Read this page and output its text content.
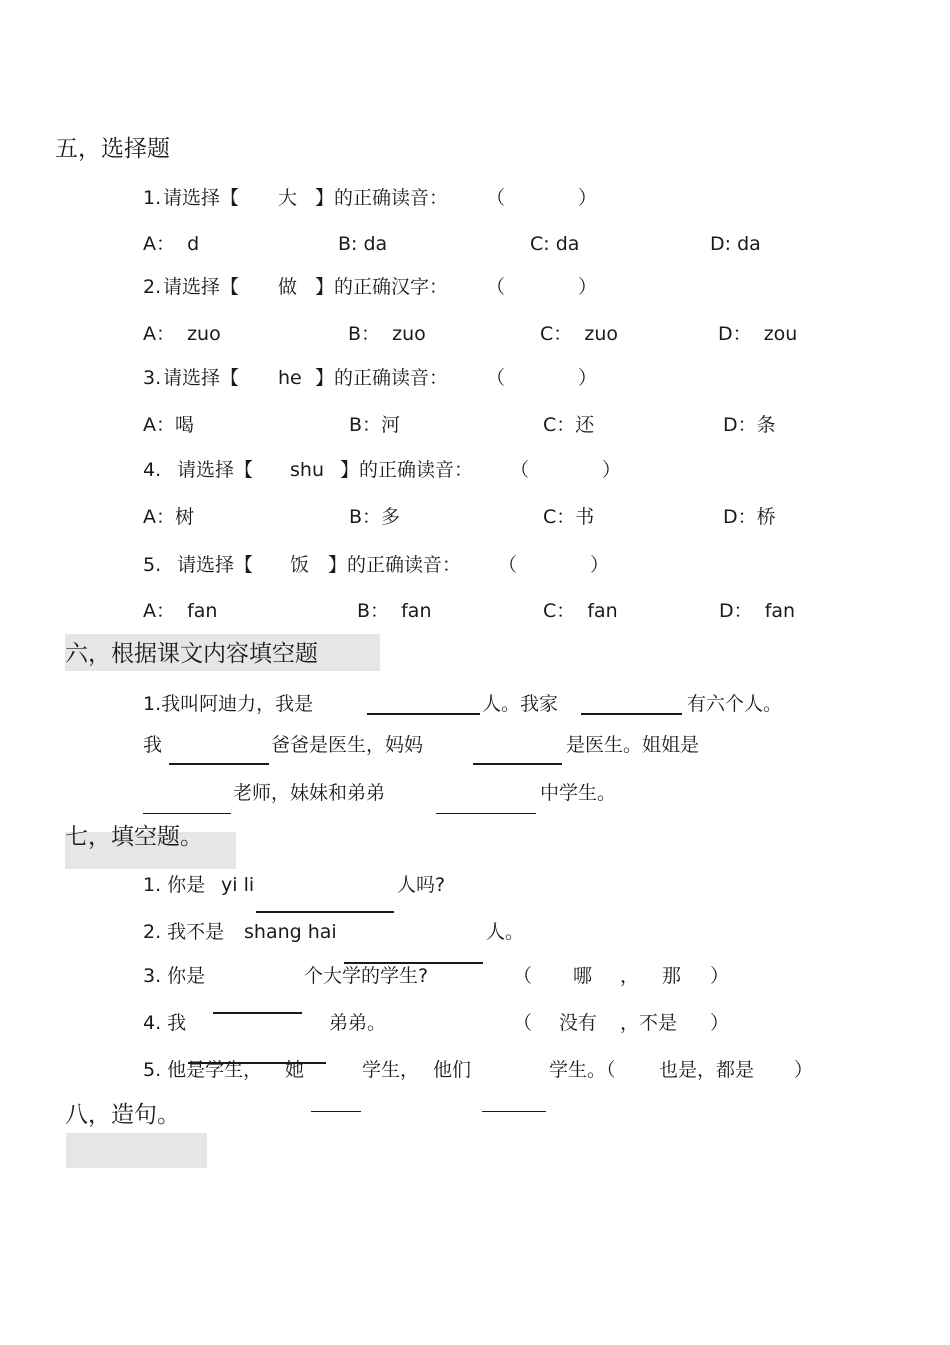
五，选择题
1. 请选择【 大 】的正确读音： （	）
A：  d	B: da	C: da	D: da
2. 请选择【 做 】的正确汉字： （	）
A：  zuo	B：  zuo	C：  zuo	D：  zou
3. 请选择【 he 】的正确读音： （	）
A：喝	B：河	C：还	D：条
4. 请选择【 shu 】的正确读音： （	）
A：树	B：多	C：书	D：桥
5. 请选择【 饭 】的正确读音： （	）
A：  fan	B：  fan	C：  fan	D：  fan
六，根据课文内容填空题
1.我叫阿迪力，我是	人。我家	有六个人。
我	爸爸是医生，妈妈	是医生。姐姐是
老师，妹妹和弟弟	中学生。
七，填空题。
1. 你是 yi li	人吗?
2. 我不是 shang hai	人。
3. 你是	个大学的学生?	（ 哪 ， 那 ）
4. 我	弟弟。	（ 没有 ，不是 ）
5. 他是学生， 她	学生， 他们	学生。（ 也是，都是 ）
八，造句。
